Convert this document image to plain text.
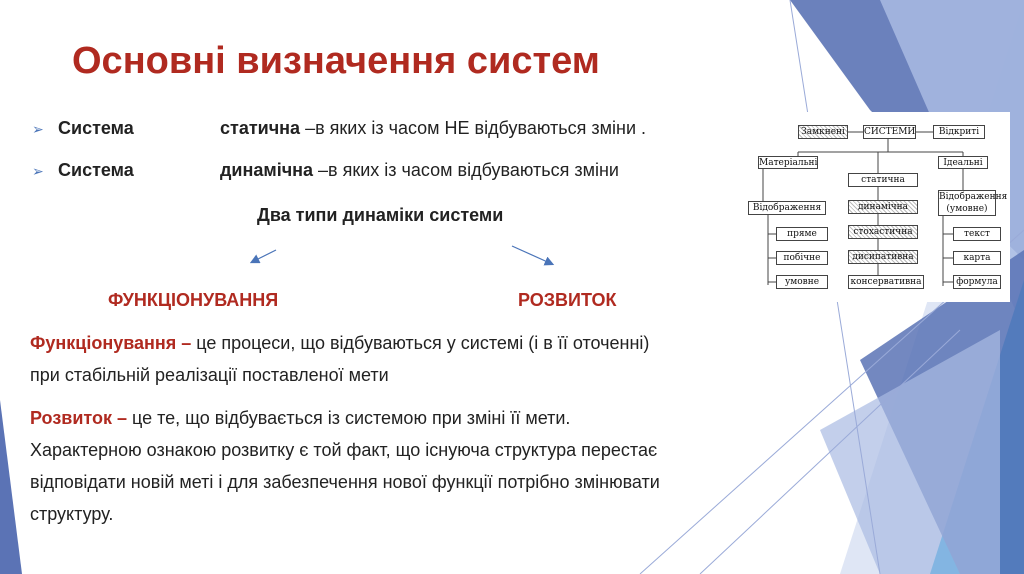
Основні визначення систем
➢ Система	статична –в яких із часом НЕ відбуваються зміни .
➢ Система	динамічна –в яких із часом відбуваються зміни
Два типи динаміки системи
ФУНКЦІОНУВАННЯ	РОЗВИТОК
Функціонування – це процеси, що відбуваються у системі (і в її оточенні)
при стабільній реалізації поставленої мети
Розвиток – це те, що відбувається із системою при зміні її мети.
Характерною ознакою розвитку є той факт, що існуюча структура перестає
відповідати новій меті і для забезпечення нової функції потрібно змінювати
структуру.
Замкнені	СИСТЕМИ	Відкриті
Матеріальні	Ідеальні
Відображення
Відображення (умовне)
пряме
побічне
умовне
статична
динамічна
стохастична
дисипативна
консервативна
текст
карта
формула
